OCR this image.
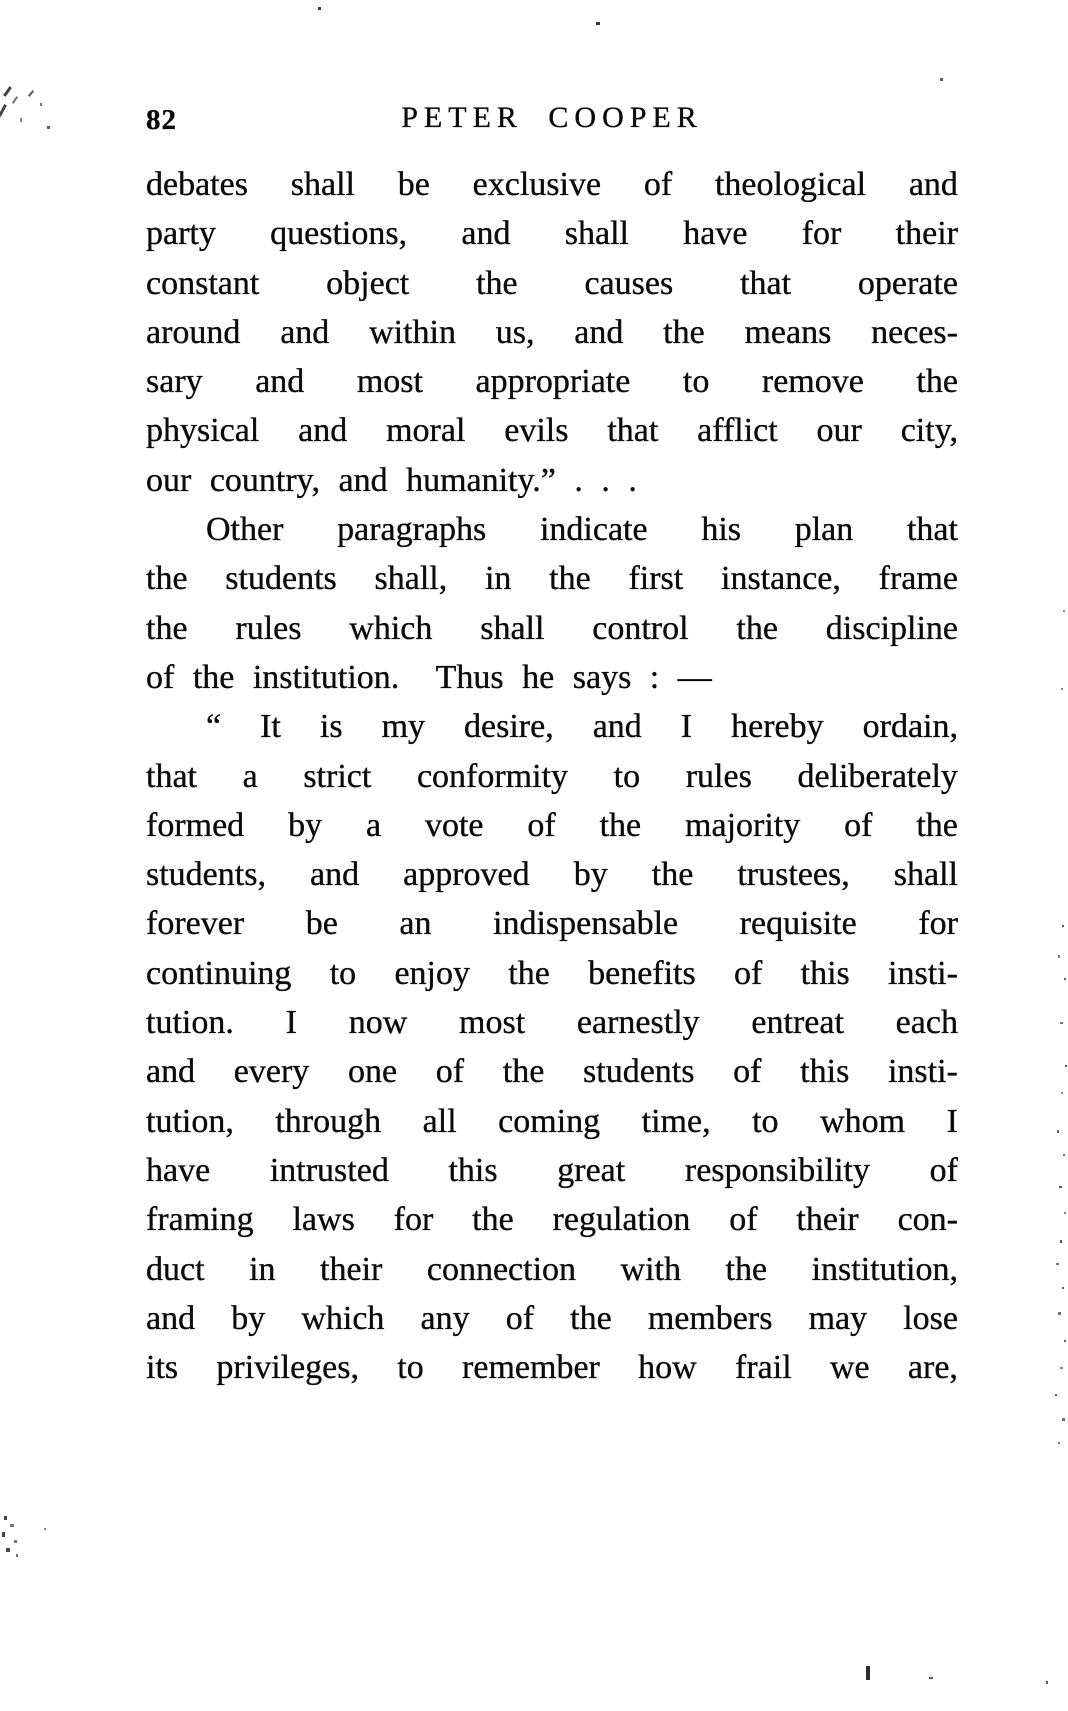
82	PETER COOPER
debates shall be exclusive of theological and
party questions, and shall have for their
constant object the causes that operate
around and within us, and the means neces-
sary and most appropriate to remove the
physical and moral evils that afflict our city,
our country, and humanity.” . . .
Other paragraphs indicate his plan that
the students shall, in the first instance, frame
the rules which shall control the discipline
of the institution.  Thus he says : —
“ It is my desire, and I hereby ordain,
that a strict conformity to rules deliberately
formed by a vote of the majority of the
students, and approved by the trustees, shall
forever be an indispensable requisite for
continuing to enjoy the benefits of this insti-
tution. I now most earnestly entreat each
and every one of the students of this insti-
tution, through all coming time, to whom I
have intrusted this great responsibility of
framing laws for the regulation of their con-
duct in their connection with the institution,
and by which any of the members may lose
its privileges, to remember how frail we are,
